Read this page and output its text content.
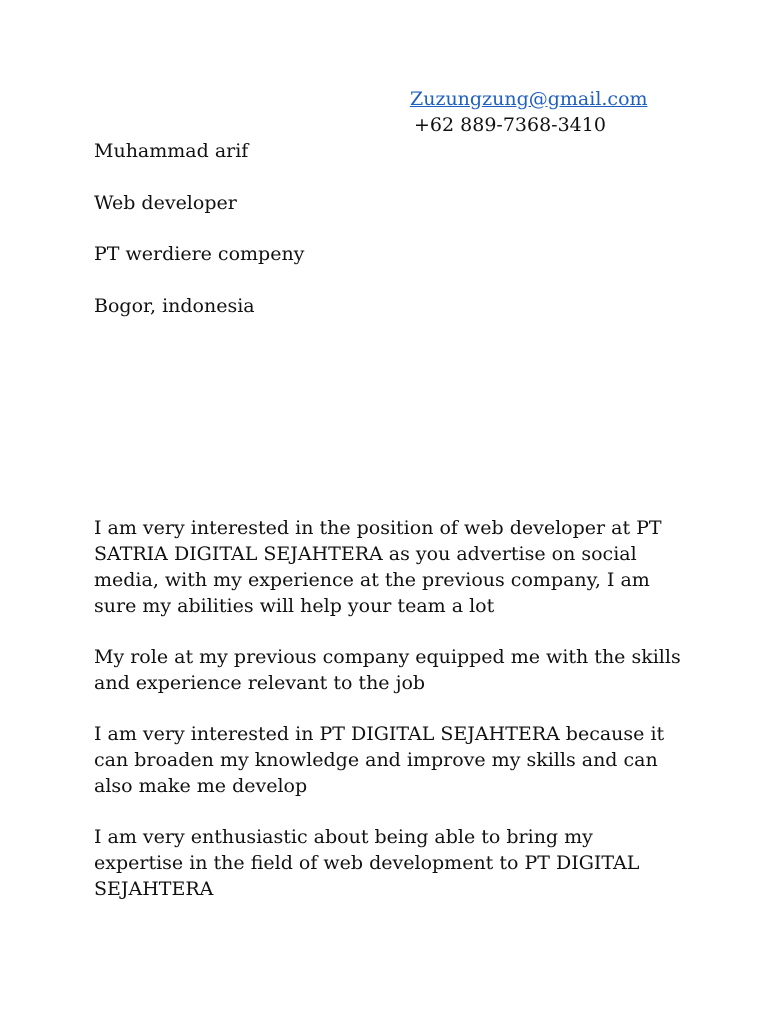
Zuzungzung@gmail.com
+62 889-7368-3410
Muhammad arif
Web developer
PT werdiere compeny
Bogor, indonesia

I am very interested in the position of web developer at PT SATRIA DIGITAL SEJAHTERA as you advertise on social media, with my experience at the previous company, I am sure my abilities will help your team a lot

My role at my previous company equipped me with the skills and experience relevant to the job

I am very interested in PT DIGITAL SEJAHTERA because it can broaden my knowledge and improve my skills and can also make me develop

I am very enthusiastic about being able to bring my expertise in the field of web development to PT DIGITAL SEJAHTERA
